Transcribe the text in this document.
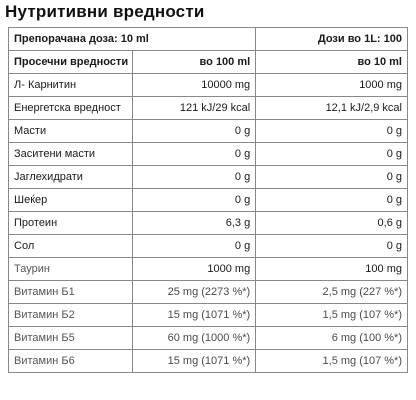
Нутритивни вредности
Препорачана доза: 10 ml		Дози во 1L: 100
Просечни вредности	во 100 ml	во 10 ml
Л- Карнитин	10000 mg	1000 mg
Енергетска вредност	121 kJ/29 kcal	12,1 kJ/2,9 kcal
Масти	0 g	0 g
Заситени масти	0 g	0 g
Јаглехидрати	0 g	0 g
Шеќер	0 g	0 g
Протеин	6,3 g	0,6 g
Сол	0 g	0 g
Таурин	1000 mg	100 mg
Витамин Б1	25 mg (2273 %*)	2,5 mg (227 %*)
Витамин Б2	15 mg (1071 %*)	1,5 mg (107 %*)
Витамин Б5	60 mg (1000 %*)	6 mg (100 %*)
Витамин Б6	15 mg (1071 %*)	1,5 mg (107 %*)
